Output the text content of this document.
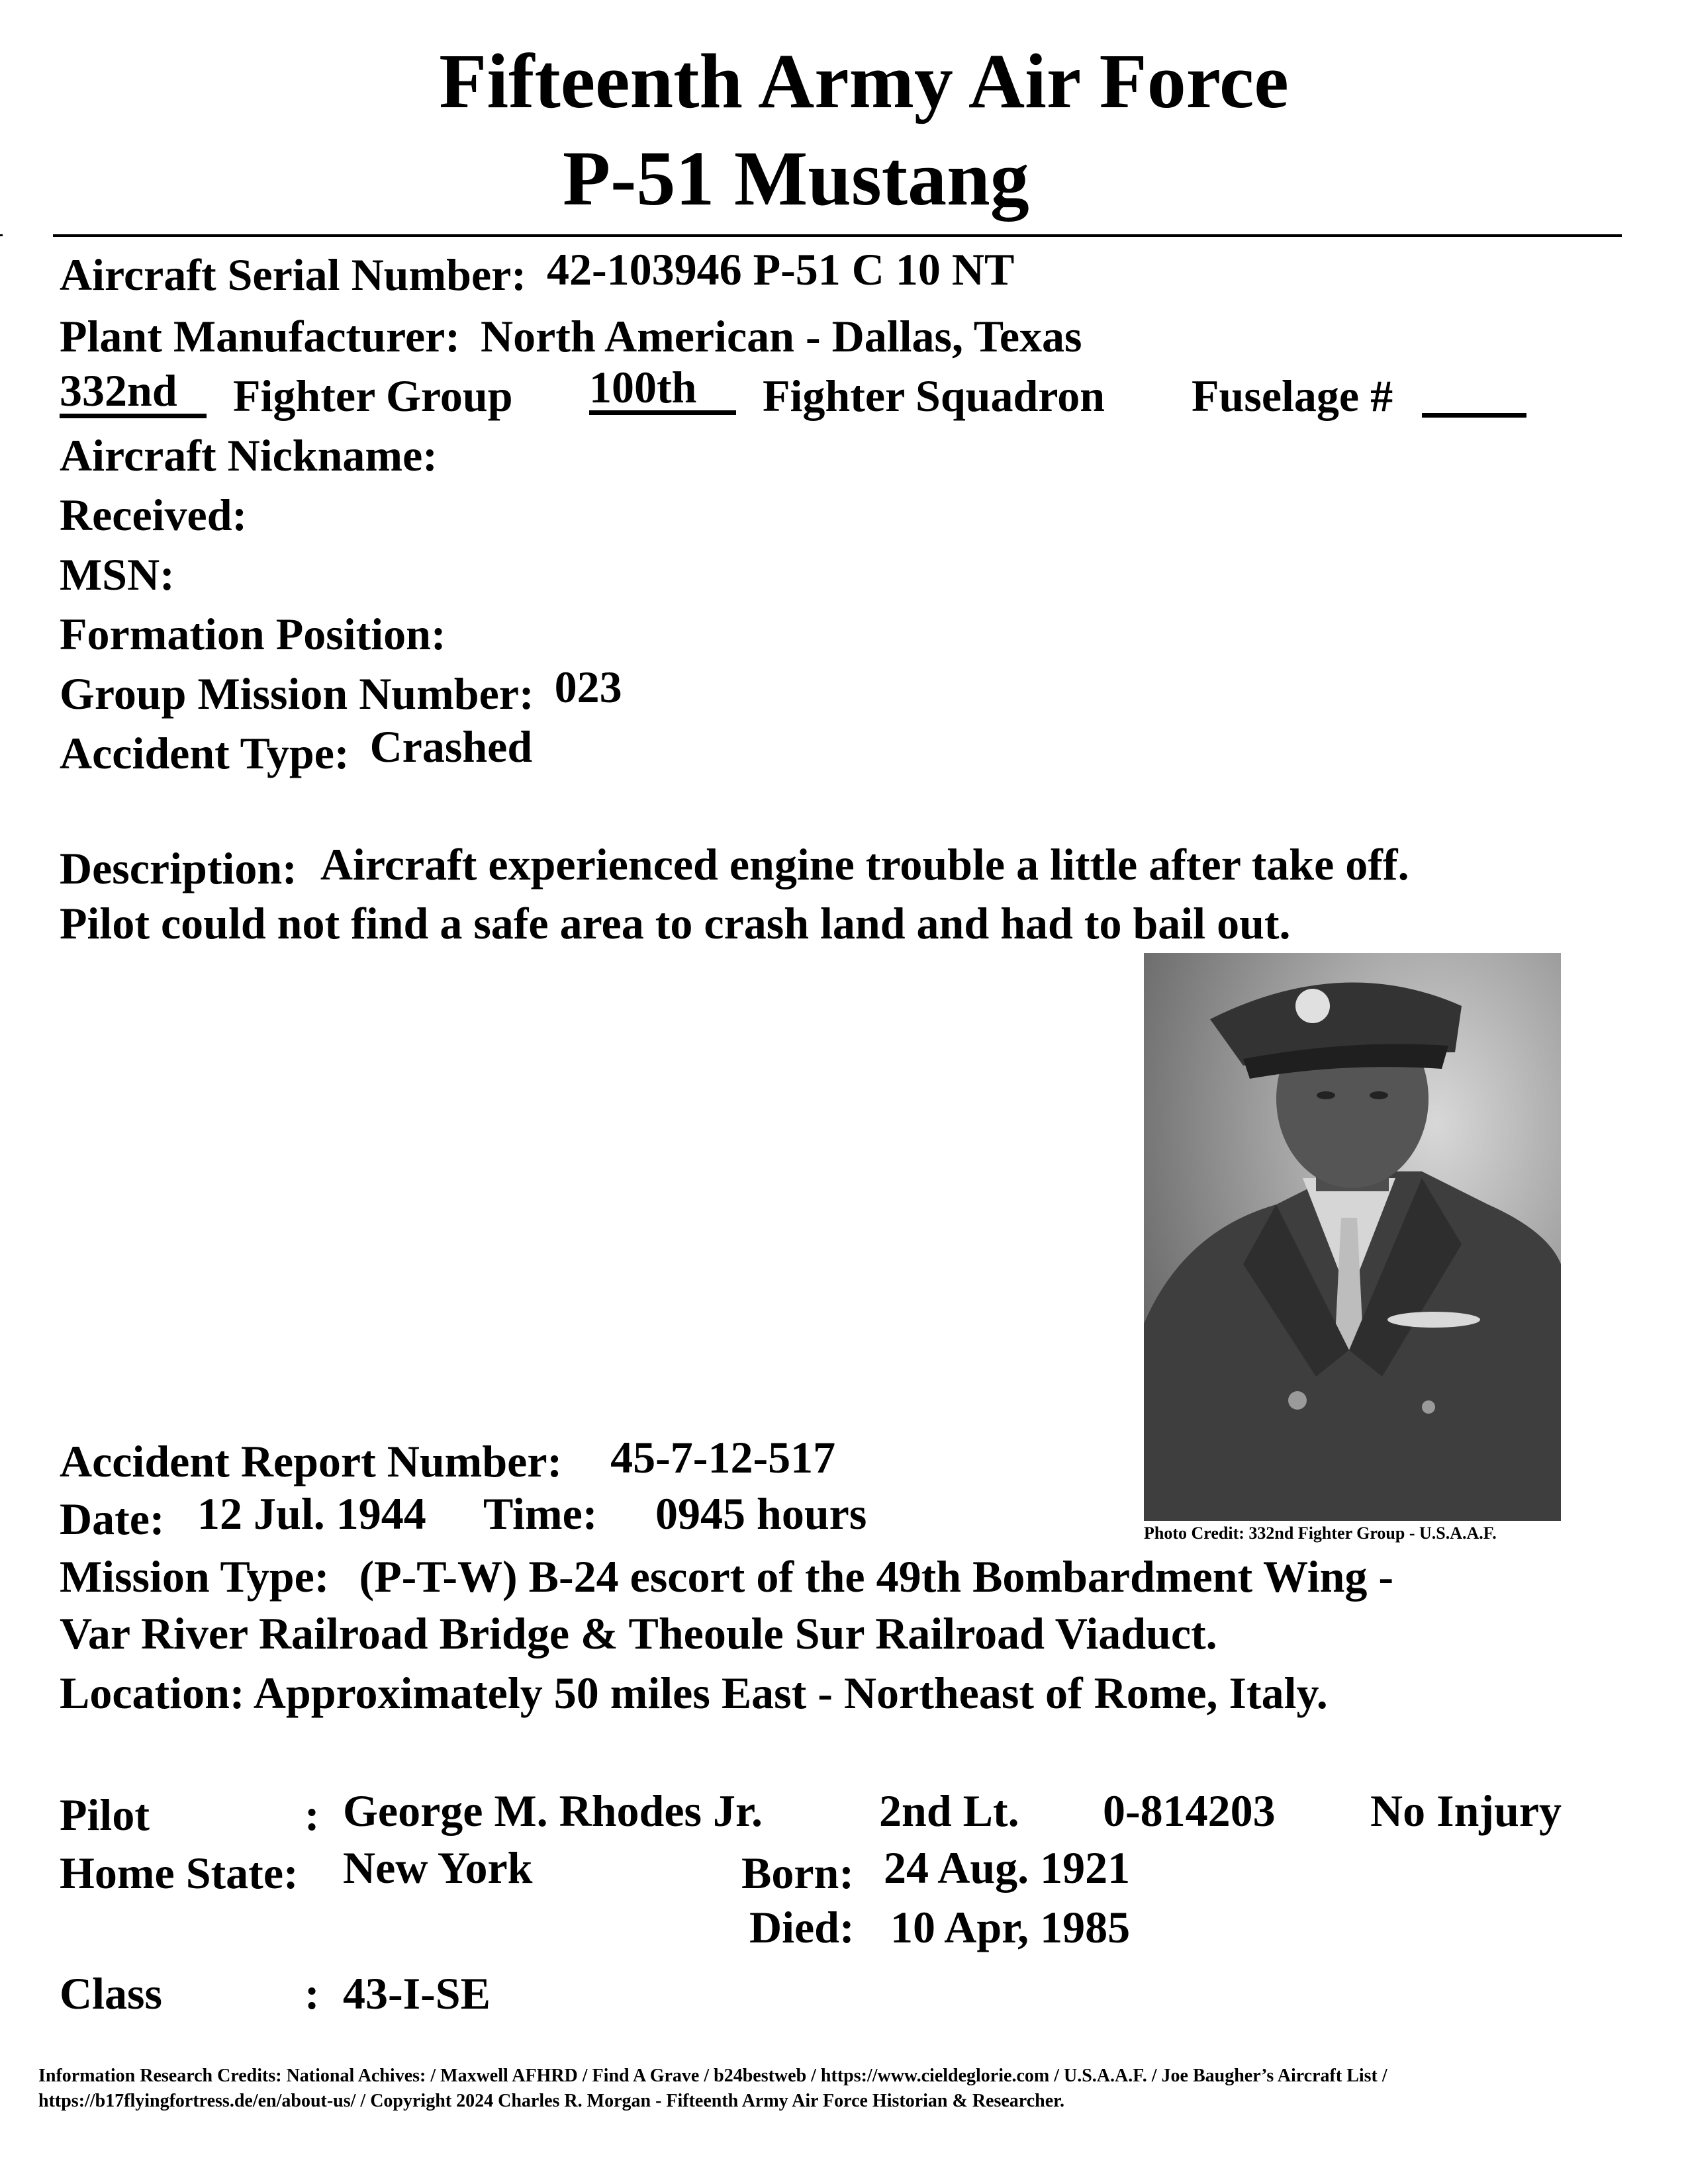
Fifteenth Army Air Force
P-51 Mustang
Aircraft Serial Number: 42-103946 P-51 C 10 NT
Plant Manufacturer: North American - Dallas, Texas
332nd Fighter Group 100th	Fighter Squadron Fuselage #
Aircraft Nickname:
Received:
MSN:
Formation Position:
Group Mission Number: 023
Accident Type: Crashed
Description: Aircraft experienced engine trouble a little after take off.
Pilot could not find a safe area to crash land and had to bail out.
Photo Credit: 332nd Fighter Group - U.S.A.A.F.
Accident Report Number: 45-7-12-517
Date: 12 Jul. 1944 Time: 0945 hours
Mission Type: (P-T-W) B-24 escort of the 49th Bombardment Wing -
Var River Railroad Bridge & Theoule Sur Railroad Viaduct.
Location: Approximately 50 miles East - Northeast of Rome, Italy.
Pilot	: George M. Rhodes Jr.	2nd Lt. 0-814203 No Injury
Home State: New York	Born: 24 Aug. 1921
Died: 10 Apr, 1985
Class	: 43-I-SE
Information Research Credits: National Achives: / Maxwell AFHRD / Find A Grave / b24bestweb / https://www.cieldeglorie.com / U.S.A.A.F. / Joe Baugher’s Aircraft List /
https://b17flyingfortress.de/en/about-us/ / Copyright 2024 Charles R. Morgan - Fifteenth Army Air Force Historian & Researcher.
